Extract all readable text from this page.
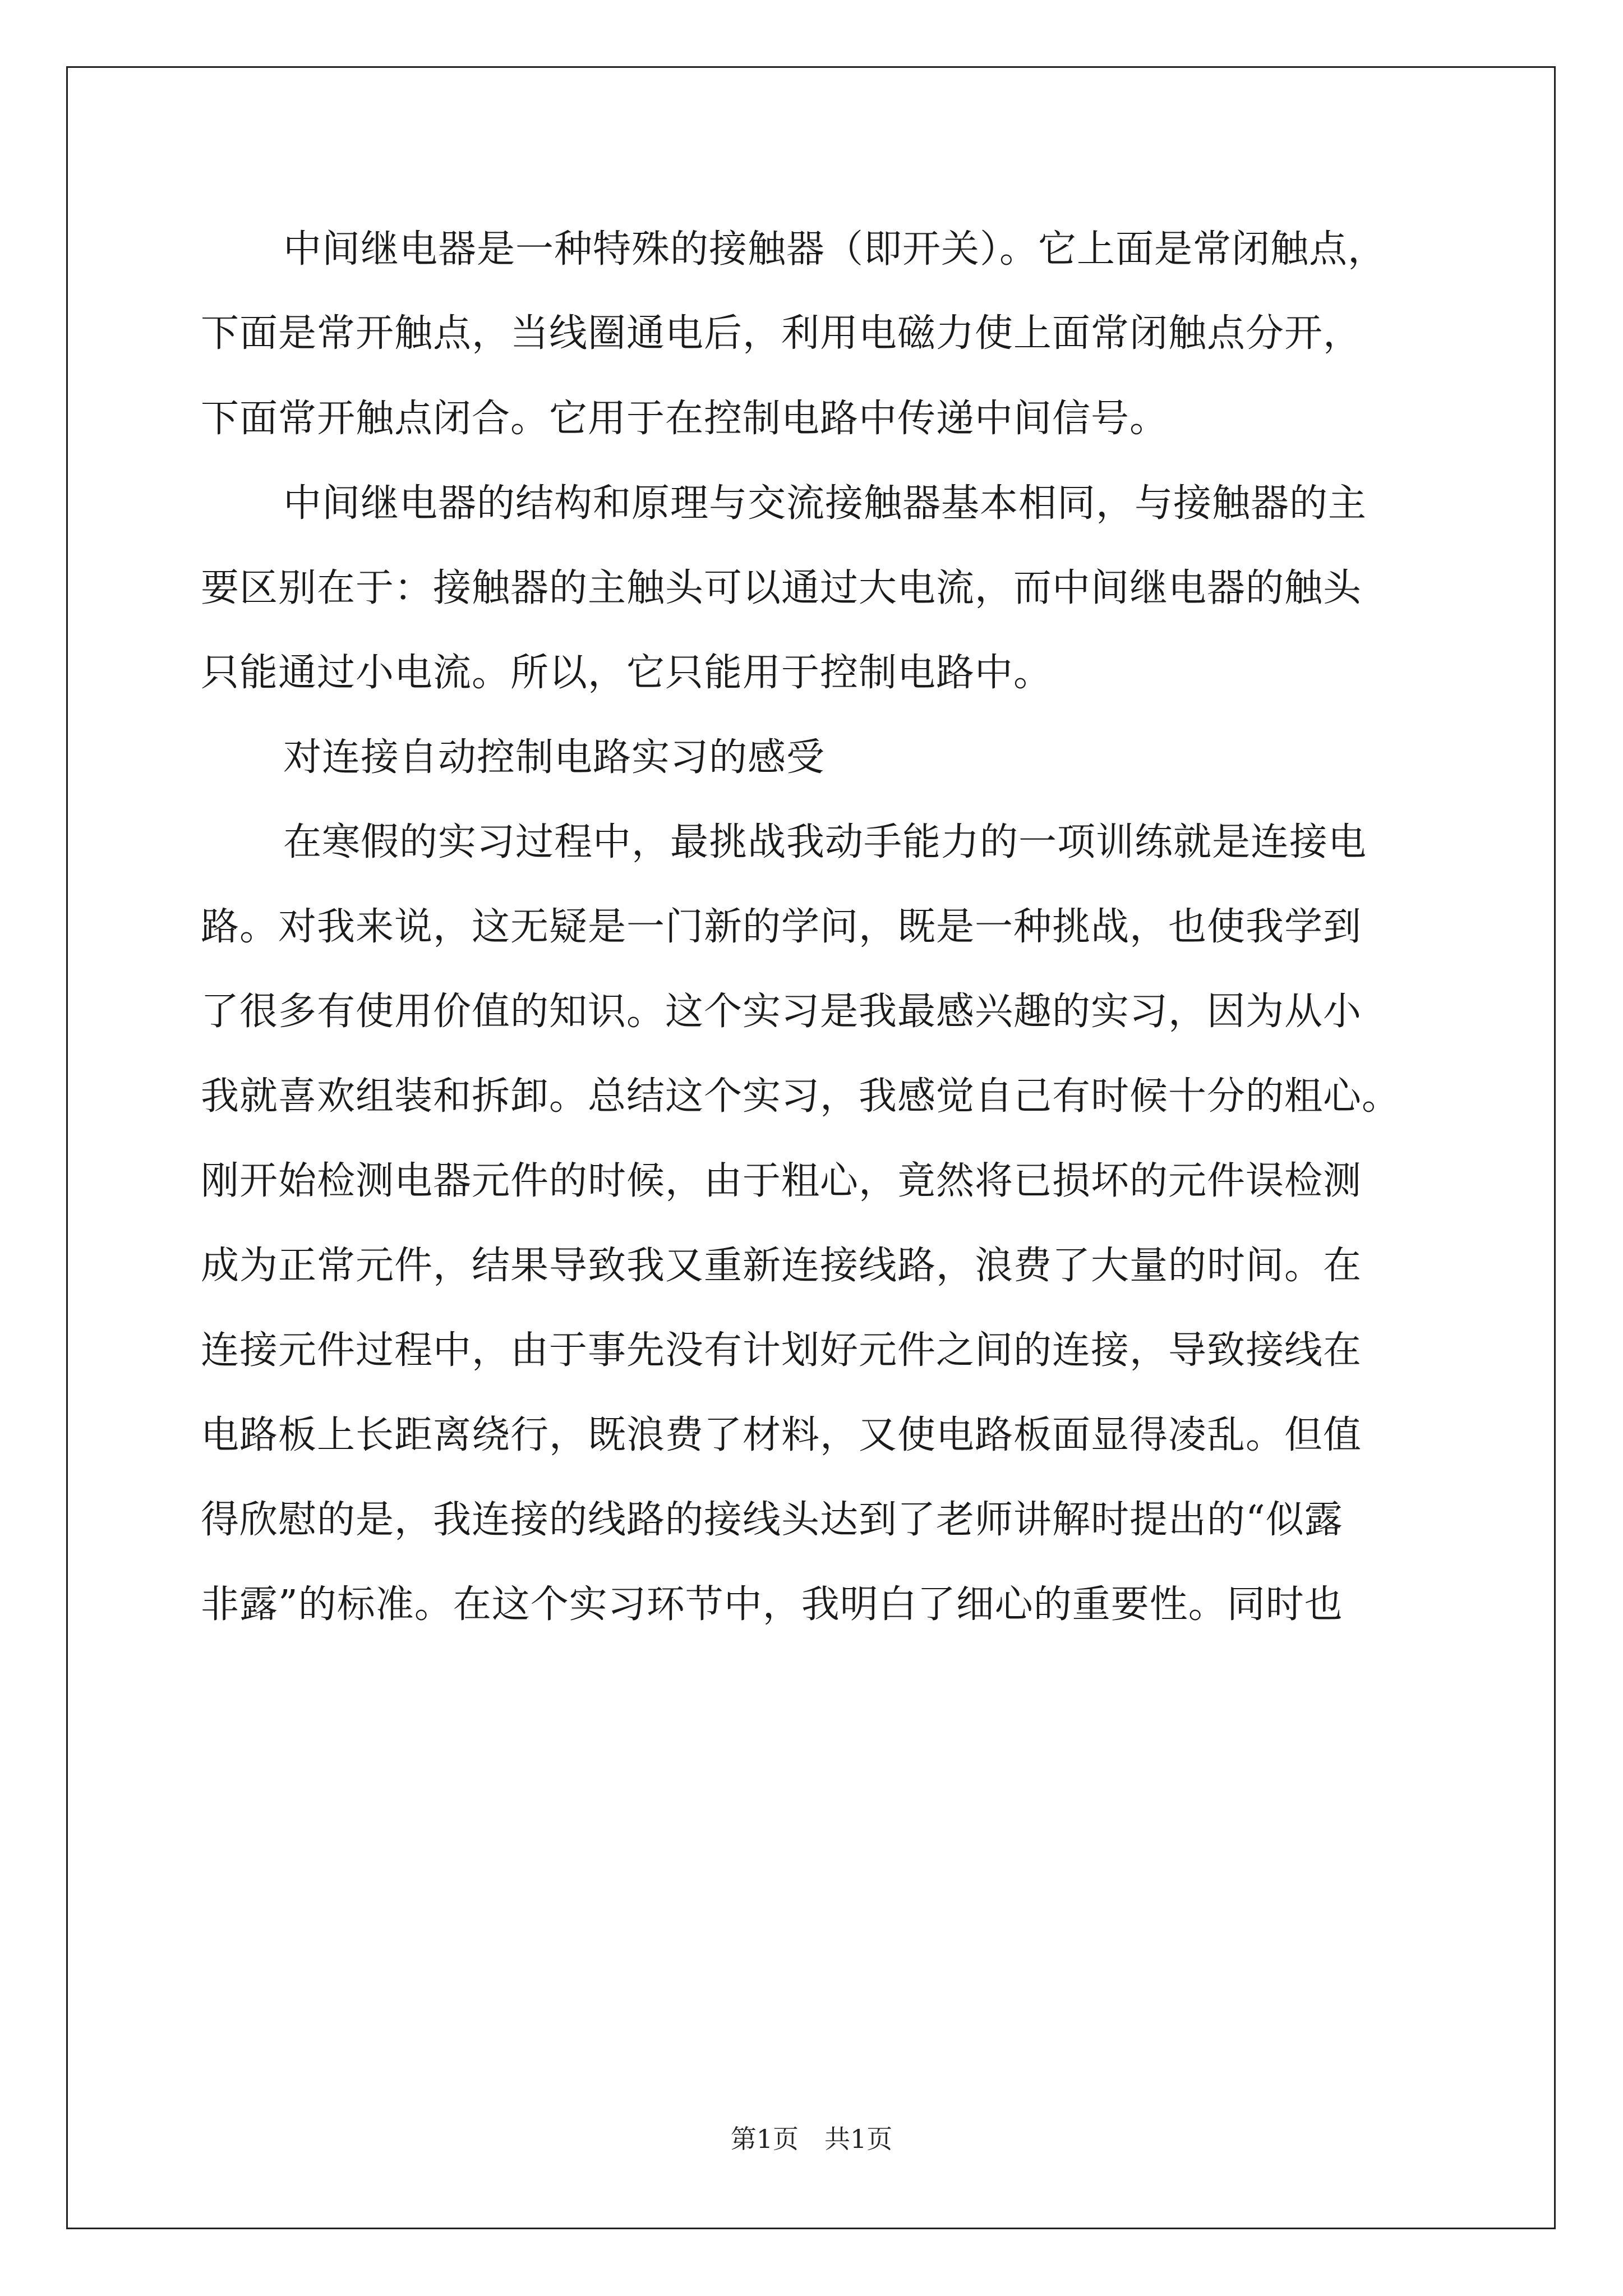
中间继电器是一种特殊的接触器（即开关）。它上面是常闭触点，
下面是常开触点，当线圈通电后，利用电磁力使上面常闭触点分开，
下面常开触点闭合。它用于在控制电路中传递中间信号。
中间继电器的结构和原理与交流接触器基本相同，与接触器的主
要区别在于：接触器的主触头可以通过大电流，而中间继电器的触头
只能通过小电流。所以，它只能用于控制电路中。
对连接自动控制电路实习的感受
在寒假的实习过程中，最挑战我动手能力的一项训练就是连接电
路。对我来说，这无疑是一门新的学问，既是一种挑战，也使我学到
了很多有使用价值的知识。这个实习是我最感兴趣的实习，因为从小
我就喜欢组装和拆卸。总结这个实习，我感觉自己有时候十分的粗心。
刚开始检测电器元件的时候，由于粗心，竟然将已损坏的元件误检测
成为正常元件，结果导致我又重新连接线路，浪费了大量的时间。在
连接元件过程中，由于事先没有计划好元件之间的连接，导致接线在
电路板上长距离绕行，既浪费了材料，又使电路板面显得凌乱。但值
得欣慰的是，我连接的线路的接线头达到了老师讲解时提出的“似露
非露”的标准。在这个实习环节中，我明白了细心的重要性。同时也
第1页　共1页
